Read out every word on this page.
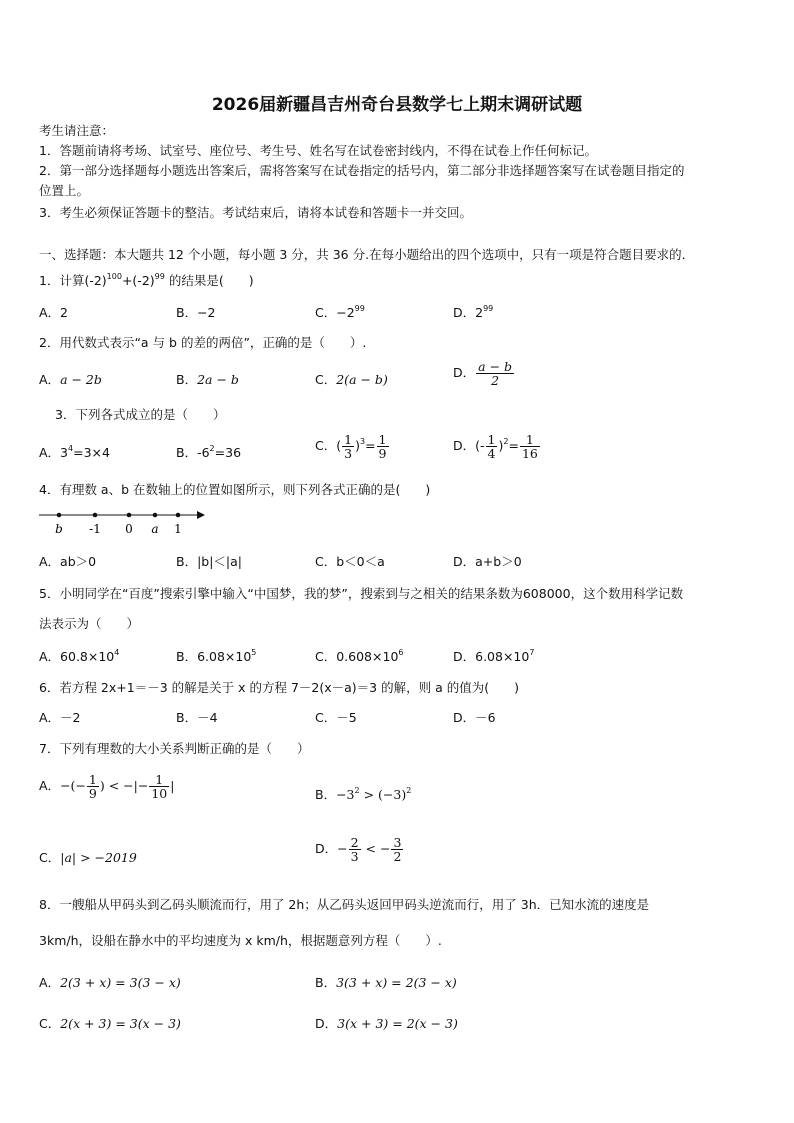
2026届新疆昌吉州奇台县数学七上期末调研试题
考生请注意：
1．答题前请将考场、试室号、座位号、考生号、姓名写在试卷密封线内，不得在试卷上作任何标记。
2．第一部分选择题每小题选出答案后，需将答案写在试卷指定的括号内，第二部分非选择题答案写在试卷题目指定的
位置上。
3．考生必须保证答题卡的整洁。考试结束后，请将本试卷和答题卡一并交回。
一、选择题：本大题共 12 个小题，每小题 3 分，共 36 分.在每小题给出的四个选项中，只有一项是符合题目要求的.
1．计算$(-2)^{100}+(-2)^{99}$ 的结果是(　　)
A．2	B．−2	C．$-2^{99}$	D．$2^{99}$
2．用代数式表示“a 与 b 的差的两倍”，正确的是（　　）.
A．a − 2b	B．2a − b	C．2(a − b)	D． $\frac{a - b}{2}$
3．下列各式成立的是（　　）
A．$3^4=3\times 4$	B．$-6^2=36$	C．( $\frac{1}{3} )^3= \frac{1}{9}$	D．(- $\frac{1}{4} )^2= \frac{1}{16}$
4．有理数 a、b 在数轴上的位置如图所示，则下列各式正确的是(　　)
b -1 0 a 1
A．ab＞0	B．|b|＜|a|	C．b＜0＜a	D．a+b＞0
5．小明同学在“百度”搜索引擎中输入“中国梦，我的梦”，搜索到与之相关的结果条数为608000，这个数用科学记数
法表示为（　　）
A．$60.8\times 10^4$	B．$6.08\times 10^5$	C．$0.608\times 10^6$	D．$6.08\times 10^7$
6．若方程 2x+1＝－3 的解是关于 x 的方程 7－2(x－a)＝3 的解，则 a 的值为(　　)
A．－2	B．－4	C．－5	D．－6
7．下列有理数的大小关系判断正确的是（　　）
A．−(− $\frac{1}{9}$ ) < −|− $\frac{1}{10}$ |
B．$-3^2 > (-3)^2$
C．|a| > −2019
D．− $\frac{2}{3}$ < − $\frac{3}{2}$
8．一艘船从甲码头到乙码头顺流而行，用了 2h；从乙码头返回甲码头逆流而行，用了 3h．已知水流的速度是
3km/h，设船在静水中的平均速度为 x km/h，根据题意列方程（　　）.
A．2(3 + x) = 3(3 − x)	B．3(3 + x) = 2(3 − x)
C．2(x + 3) = 3(x − 3)	D．3(x + 3) = 2(x − 3)
